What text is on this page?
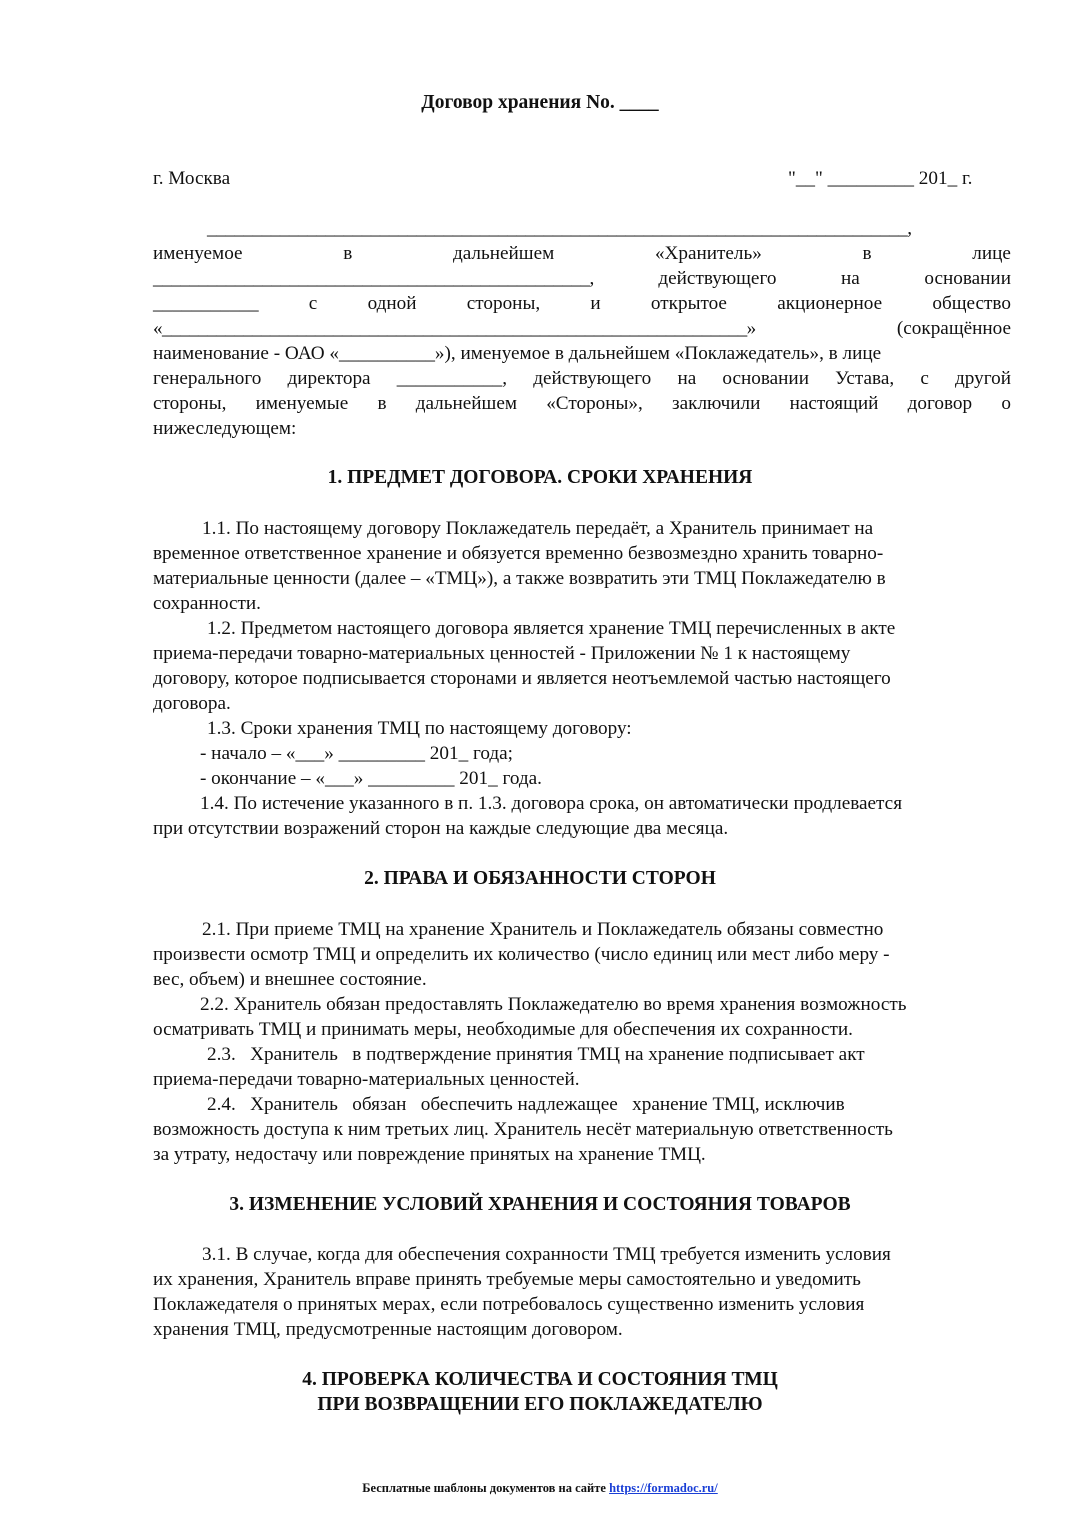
Договор хранения No. ____
г. Москва	"__" _________ 201_ г.
_____________________________________________________________________________,
именуемое	в	дальнейшем	«Хранитель»	в	лице
________________________________________________,	действующего	на	основании
___________	с	одной	стороны,	и	открытое	акционерное	общество
«_________________________________________________________________»	(сокращённое
наименование - ОАО «__________»), именуемое в дальнейшем «Поклажедатель», в лице
генерального директора ___________, действующего на основании Устава, с другой
стороны, именуемые в дальнейшем «Стороны», заключили настоящий договор о
нижеследующем:
1. ПРЕДМЕТ ДОГОВОРА. СРОКИ ХРАНЕНИЯ
1.1. По настоящему договору Поклажедатель передаёт, а Хранитель принимает на
временное ответственное хранение и обязуется временно безвозмездно хранить товарно-
материальные ценности (далее – «ТМЦ»), а также возвратить эти ТМЦ Поклажедателю в
сохранности.
1.2. Предметом настоящего договора является хранение ТМЦ перечисленных в акте
приема-передачи товарно-материальных ценностей - Приложении № 1 к настоящему
договору, которое подписывается сторонами и является неотъемлемой частью настоящего
договора.
1.3. Сроки хранения ТМЦ по настоящему договору:
- начало – «___» _________ 201_ года;
- окончание – «___» _________ 201_ года.
1.4. По истечение указанного в п. 1.3. договора срока, он автоматически продлевается
при отсутствии возражений сторон на каждые следующие два месяца.
2. ПРАВА И ОБЯЗАННОСТИ СТОРОН
2.1. При приеме ТМЦ на хранение Хранитель и Поклажедатель обязаны совместно
произвести осмотр ТМЦ и определить их количество (число единиц или мест либо меру -
вес, объем) и внешнее состояние.
2.2. Хранитель обязан предоставлять Поклажедателю во время хранения возможность
осматривать ТМЦ и принимать меры, необходимые для обеспечения их сохранности.
2.3.   Хранитель   в подтверждение принятия ТМЦ на хранение подписывает акт
приема-передачи товарно-материальных ценностей.
2.4.   Хранитель   обязан   обеспечить надлежащее   хранение ТМЦ, исключив
возможность доступа к ним третьих лиц. Хранитель несёт материальную ответственность
за утрату, недостачу или повреждение принятых на хранение ТМЦ.
3. ИЗМЕНЕНИЕ УСЛОВИЙ ХРАНЕНИЯ И СОСТОЯНИЯ ТОВАРОВ
3.1. В случае, когда для обеспечения сохранности ТМЦ требуется изменить условия
их хранения, Хранитель вправе принять требуемые меры самостоятельно и уведомить
Поклажедателя о принятых мерах, если потребовалось существенно изменить условия
хранения ТМЦ, предусмотренные настоящим договором.
4. ПРОВЕРКА КОЛИЧЕСТВА И СОСТОЯНИЯ ТМЦ
ПРИ ВОЗВРАЩЕНИИ ЕГО ПОКЛАЖЕДАТЕЛЮ
Бесплатные шаблоны документов на сайте https://formadoc.ru/
